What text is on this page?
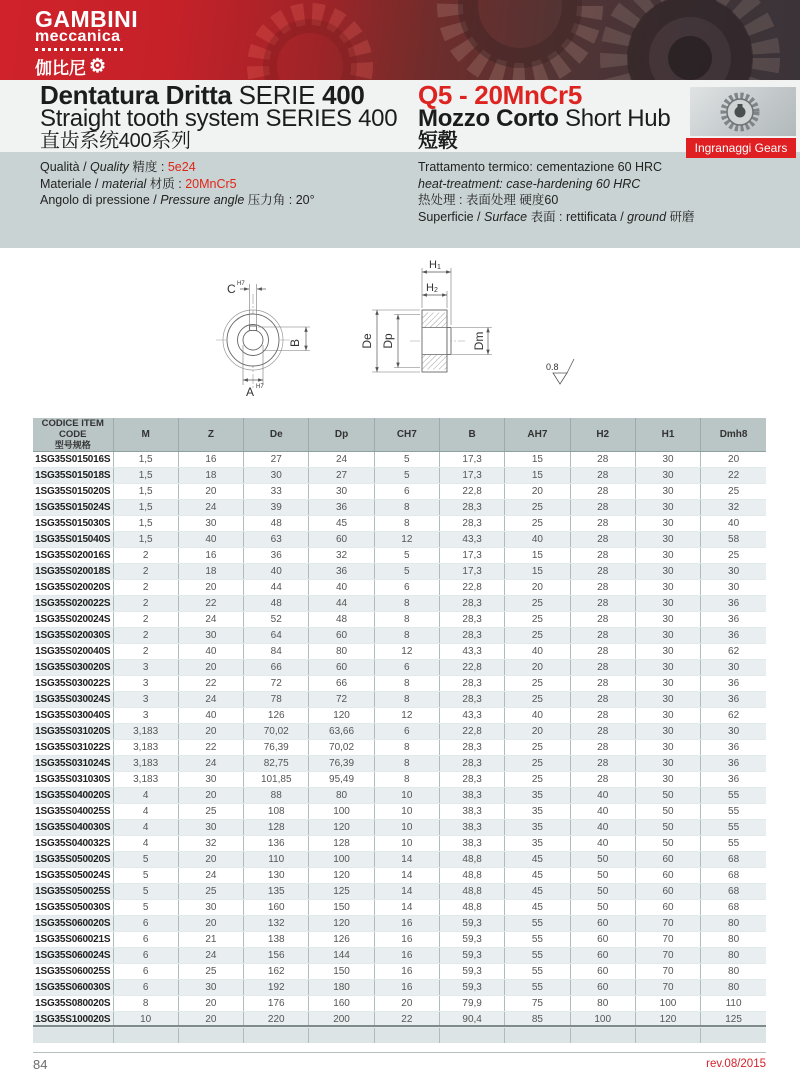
GAMBINI
meccanica
伽比尼 ⚙
Dentatura Dritta SERIE 400
Straight tooth system SERIES 400
直齿系统400系列
Q5 - 20MnCr5
Mozzo Corto Short Hub
短毂	Ingranaggi Gears
Qualità / Quality 精度 : 5e24
Materiale / material 材质 : 20MnCr5
Angolo di pressione / Pressure angle 压力角 : 20°
Trattamento termico: cementazione 60 HRC
heat-treatment: case-hardening 60 HRC
热处理 : 表面处理 硬度60
Superficie / Surface 表面 : rettificata / ground 研磨
C H7
B
A H7
H 1
H 2
De Dp	Dm
0.8
CODICE ITEM CODE
型号规格	M	Z	De	Dp	CH7	B	AH7	H2	H1	Dmh8
1SG35S015016S	1,5	16	27	24	5	17,3	15	28	30	20
1SG35S015018S	1,5	18	30	27	5	17,3	15	28	30	22
1SG35S015020S	1,5	20	33	30	6	22,8	20	28	30	25
1SG35S015024S	1,5	24	39	36	8	28,3	25	28	30	32
1SG35S015030S	1,5	30	48	45	8	28,3	25	28	30	40
1SG35S015040S	1,5	40	63	60	12	43,3	40	28	30	58
1SG35S020016S	2	16	36	32	5	17,3	15	28	30	25
1SG35S020018S	2	18	40	36	5	17,3	15	28	30	30
1SG35S020020S	2	20	44	40	6	22,8	20	28	30	30
1SG35S020022S	2	22	48	44	8	28,3	25	28	30	36
1SG35S020024S	2	24	52	48	8	28,3	25	28	30	36
1SG35S020030S	2	30	64	60	8	28,3	25	28	30	36
1SG35S020040S	2	40	84	80	12	43,3	40	28	30	62
1SG35S030020S	3	20	66	60	6	22,8	20	28	30	30
1SG35S030022S	3	22	72	66	8	28,3	25	28	30	36
1SG35S030024S	3	24	78	72	8	28,3	25	28	30	36
1SG35S030040S	3	40	126	120	12	43,3	40	28	30	62
1SG35S031020S	3,183	20	70,02	63,66	6	22,8	20	28	30	30
1SG35S031022S	3,183	22	76,39	70,02	8	28,3	25	28	30	36
1SG35S031024S	3,183	24	82,75	76,39	8	28,3	25	28	30	36
1SG35S031030S	3,183	30	101,85	95,49	8	28,3	25	28	30	36
1SG35S040020S	4	20	88	80	10	38,3	35	40	50	55
1SG35S040025S	4	25	108	100	10	38,3	35	40	50	55
1SG35S040030S	4	30	128	120	10	38,3	35	40	50	55
1SG35S040032S	4	32	136	128	10	38,3	35	40	50	55
1SG35S050020S	5	20	110	100	14	48,8	45	50	60	68
1SG35S050024S	5	24	130	120	14	48,8	45	50	60	68
1SG35S050025S	5	25	135	125	14	48,8	45	50	60	68
1SG35S050030S	5	30	160	150	14	48,8	45	50	60	68
1SG35S060020S	6	20	132	120	16	59,3	55	60	70	80
1SG35S060021S	6	21	138	126	16	59,3	55	60	70	80
1SG35S060024S	6	24	156	144	16	59,3	55	60	70	80
1SG35S060025S	6	25	162	150	16	59,3	55	60	70	80
1SG35S060030S	6	30	192	180	16	59,3	55	60	70	80
1SG35S080020S	8	20	176	160	20	79,9	75	80	100	110
1SG35S100020S	10	20	220	200	22	90,4	85	100	120	125

84	rev.08/2015
